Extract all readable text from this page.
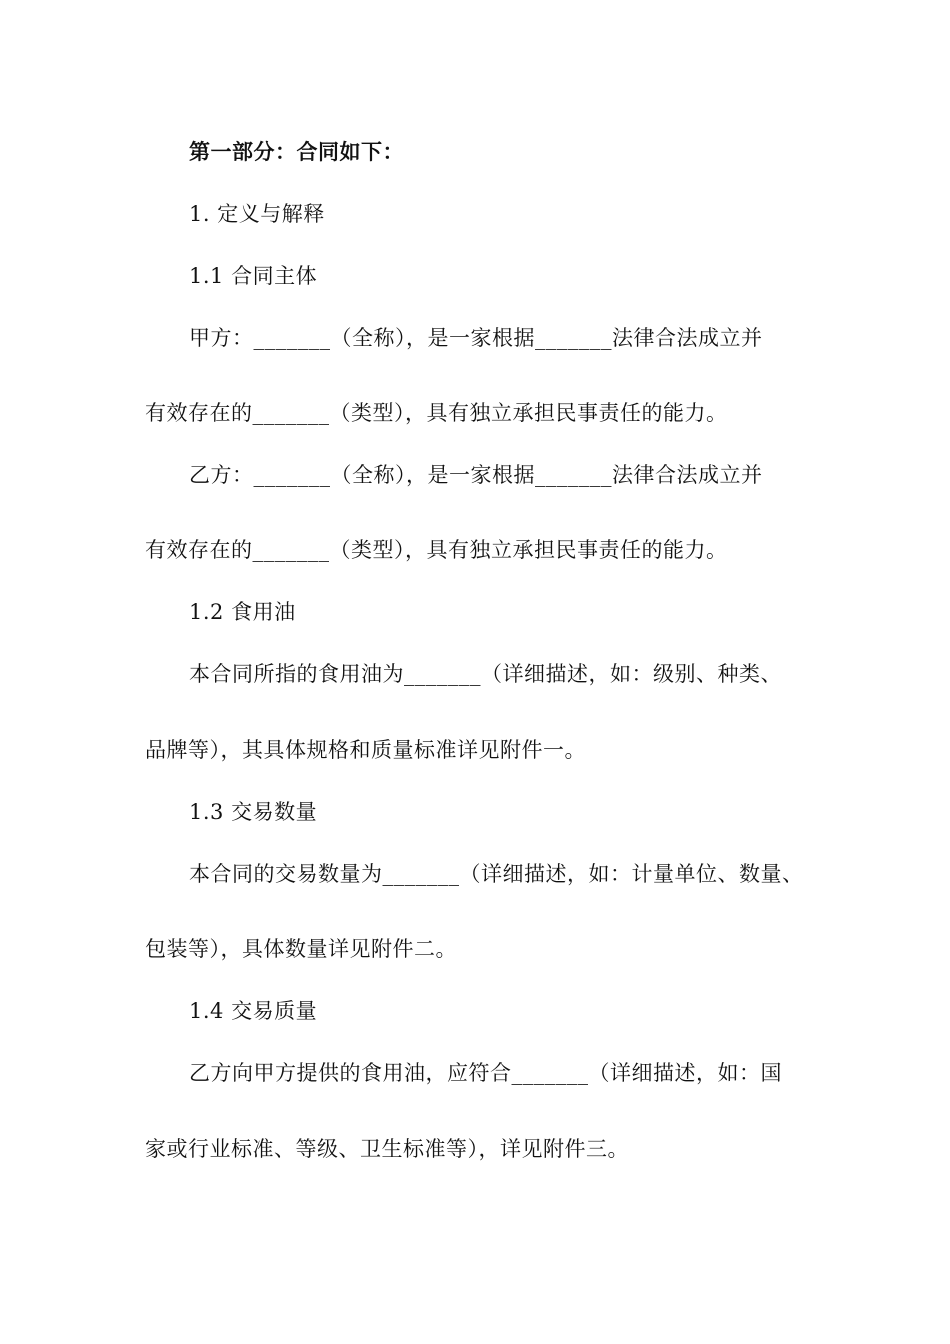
第一部分：合同如下：
1. 定义与解释
1.1 合同主体
甲方：_______（全称），是一家根据_______法律合法成立并
有效存在的_______（类型），具有独立承担民事责任的能力。
乙方：_______（全称），是一家根据_______法律合法成立并
有效存在的_______（类型），具有独立承担民事责任的能力。
1.2 食用油
本合同所指的食用油为_______（详细描述，如：级别、种类、
品牌等），其具体规格和质量标准详见附件一。
1.3 交易数量
本合同的交易数量为_______（详细描述，如：计量单位、数量、
包装等），具体数量详见附件二。
1.4 交易质量
乙方向甲方提供的食用油，应符合_______（详细描述，如：国
家或行业标准、等级、卫生标准等），详见附件三。
